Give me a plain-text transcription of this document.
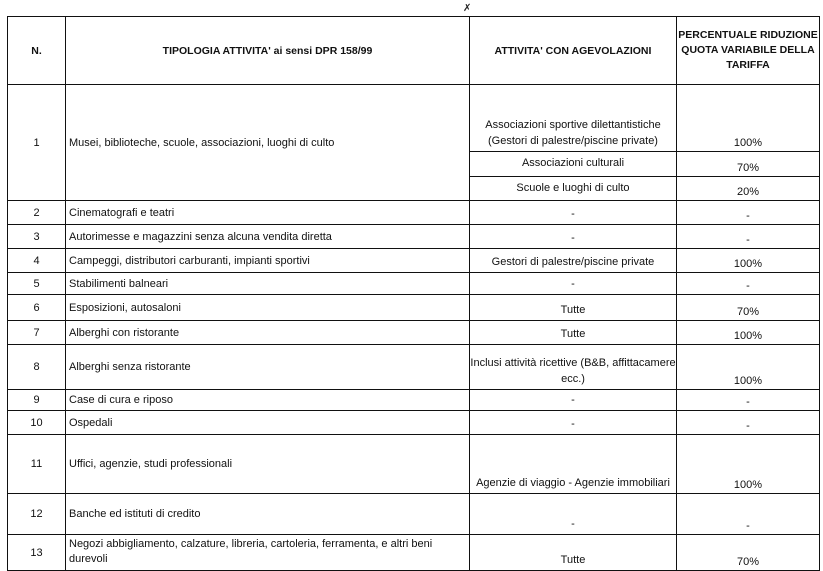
✗
N.	TIPOLOGIA ATTIVITA' ai sensi DPR 158/99	ATTIVITA' CON AGEVOLAZIONI	PERCENTUALE RIDUZIONE QUOTA VARIABILE DELLA TARIFFA
1	Musei, biblioteche, scuole, associazioni, luoghi di culto	Associazioni sportive dilettantistiche (Gestori di palestre/piscine private)	100%
		Associazioni culturali	70%
		Scuole e luoghi di culto	20%
2	Cinematografi e teatri	-	-
3	Autorimesse e magazzini senza alcuna vendita diretta	-	-
4	Campeggi, distributori carburanti, impianti sportivi	Gestori di palestre/piscine private	100%
5	Stabilimenti balneari	-	-
6	Esposizioni, autosaloni	Tutte	70%
7	Alberghi con ristorante	Tutte	100%
8	Alberghi senza ristorante	Inclusi attività ricettive (B&B, affittacamere ecc.)	100%
9	Case di cura e riposo	-	-
10	Ospedali	-	-
11	Uffici, agenzie, studi professionali	Agenzie di viaggio - Agenzie immobiliari	100%
12	Banche ed istituti di credito	-	-
13	Negozi abbigliamento, calzature, libreria, cartoleria, ferramenta, e altri beni durevoli	Tutte	70%
